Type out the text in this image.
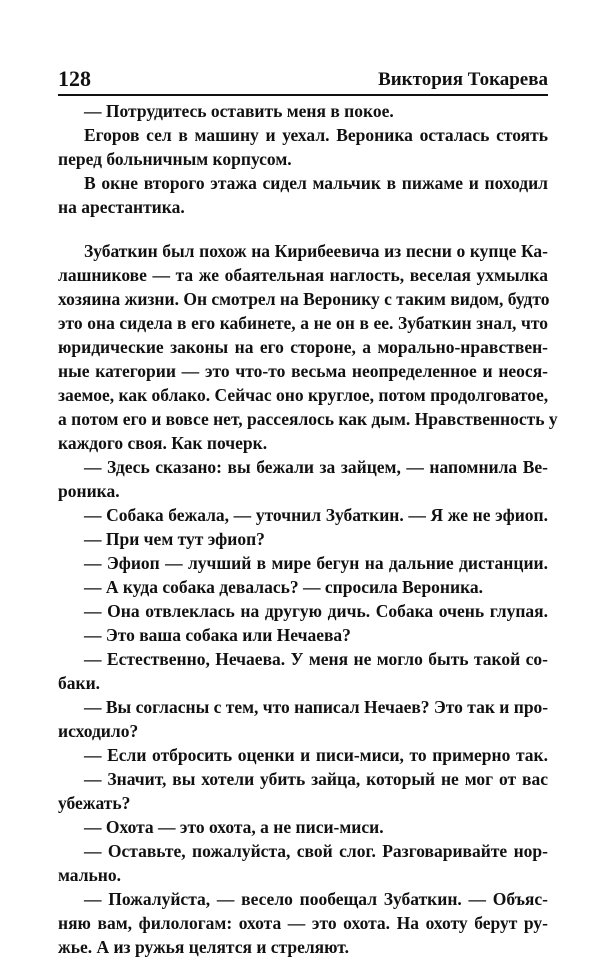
128	Виктория Токарева
— Потрудитесь оставить меня в покое.
Егоров сел в машину и уехал. Вероника осталась стоять
перед больничным корпусом.
В окне второго этажа сидел мальчик в пижаме и походил
на арестантика.
Зубаткин был похож на Кирибеевича из песни о купце Ка-
лашникове — та же обаятельная наглость, веселая ухмылка
хозяина жизни. Он смотрел на Веронику с таким видом, будто
это она сидела в его кабинете, а не он в ее. Зубаткин знал, что
юридические законы на его стороне, а морально-нравствен-
ные категории — это что-то весьма неопределенное и неося-
заемое, как облако. Сейчас оно круглое, потом продолговатое,
а потом его и вовсе нет, рассеялось как дым. Нравственность у
каждого своя. Как почерк.
— Здесь сказано: вы бежали за зайцем, — напомнила Ве-
роника.
— Собака бежала, — уточнил Зубаткин. — Я же не эфиоп.
— При чем тут эфиоп?
— Эфиоп — лучший в мире бегун на дальние дистанции.
— А куда собака девалась? — спросила Вероника.
— Она отвлеклась на другую дичь. Собака очень глупая.
— Это ваша собака или Нечаева?
— Естественно, Нечаева. У меня не могло быть такой со-
баки.
— Вы согласны с тем, что написал Нечаев? Это так и про-
исходило?
— Если отбросить оценки и писи-миси, то примерно так.
— Значит, вы хотели убить зайца, который не мог от вас
убежать?
— Охота — это охота, а не писи-миси.
— Оставьте, пожалуйста, свой слог. Разговаривайте нор-
мально.
— Пожалуйста, — весело пообещал Зубаткин. — Объяс-
няю вам, филологам: охота — это охота. На охоту берут ру-
жье. А из ружья целятся и стреляют.
